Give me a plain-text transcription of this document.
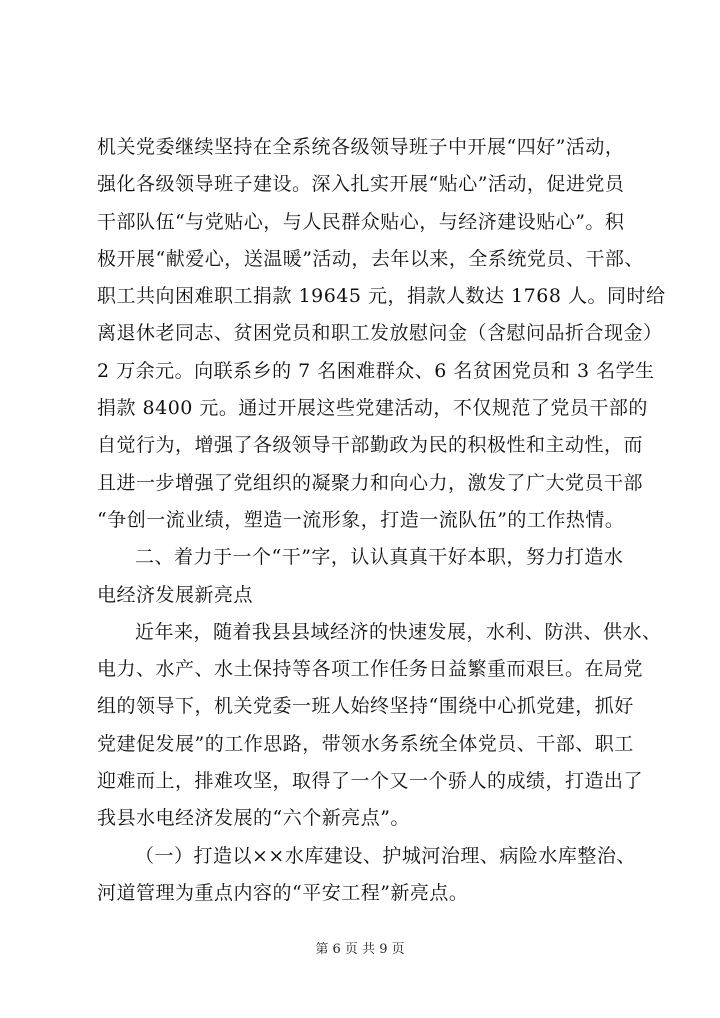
机关党委继续坚持在全系统各级领导班子中开展“四好”活动，
强化各级领导班子建设。深入扎实开展“贴心”活动，促进党员
干部队伍“与党贴心，与人民群众贴心，与经济建设贴心”。积
极开展“献爱心，送温暖”活动，去年以来，全系统党员、干部、
职工共向困难职工捐款 19645 元，捐款人数达 1768 人。同时给
离退休老同志、贫困党员和职工发放慰问金（含慰问品折合现金）
2 万余元。向联系乡的 7 名困难群众、6 名贫困党员和 3 名学生
捐款 8400 元。通过开展这些党建活动，不仅规范了党员干部的
自觉行为，增强了各级领导干部勤政为民的积极性和主动性，而
且进一步增强了党组织的凝聚力和向心力，激发了广大党员干部
“争创一流业绩，塑造一流形象，打造一流队伍”的工作热情。
二、着力于一个“干”字，认认真真干好本职，努力打造水
电经济发展新亮点
近年来，随着我县县域经济的快速发展，水利、防洪、供水、
电力、水产、水土保持等各项工作任务日益繁重而艰巨。在局党
组的领导下，机关党委一班人始终坚持“围绕中心抓党建，抓好
党建促发展”的工作思路，带领水务系统全体党员、干部、职工
迎难而上，排难攻坚，取得了一个又一个骄人的成绩，打造出了
我县水电经济发展的“六个新亮点”。
（一）打造以××水库建设、护城河治理、病险水库整治、
河道管理为重点内容的“平安工程”新亮点。
第 6 页 共 9 页
